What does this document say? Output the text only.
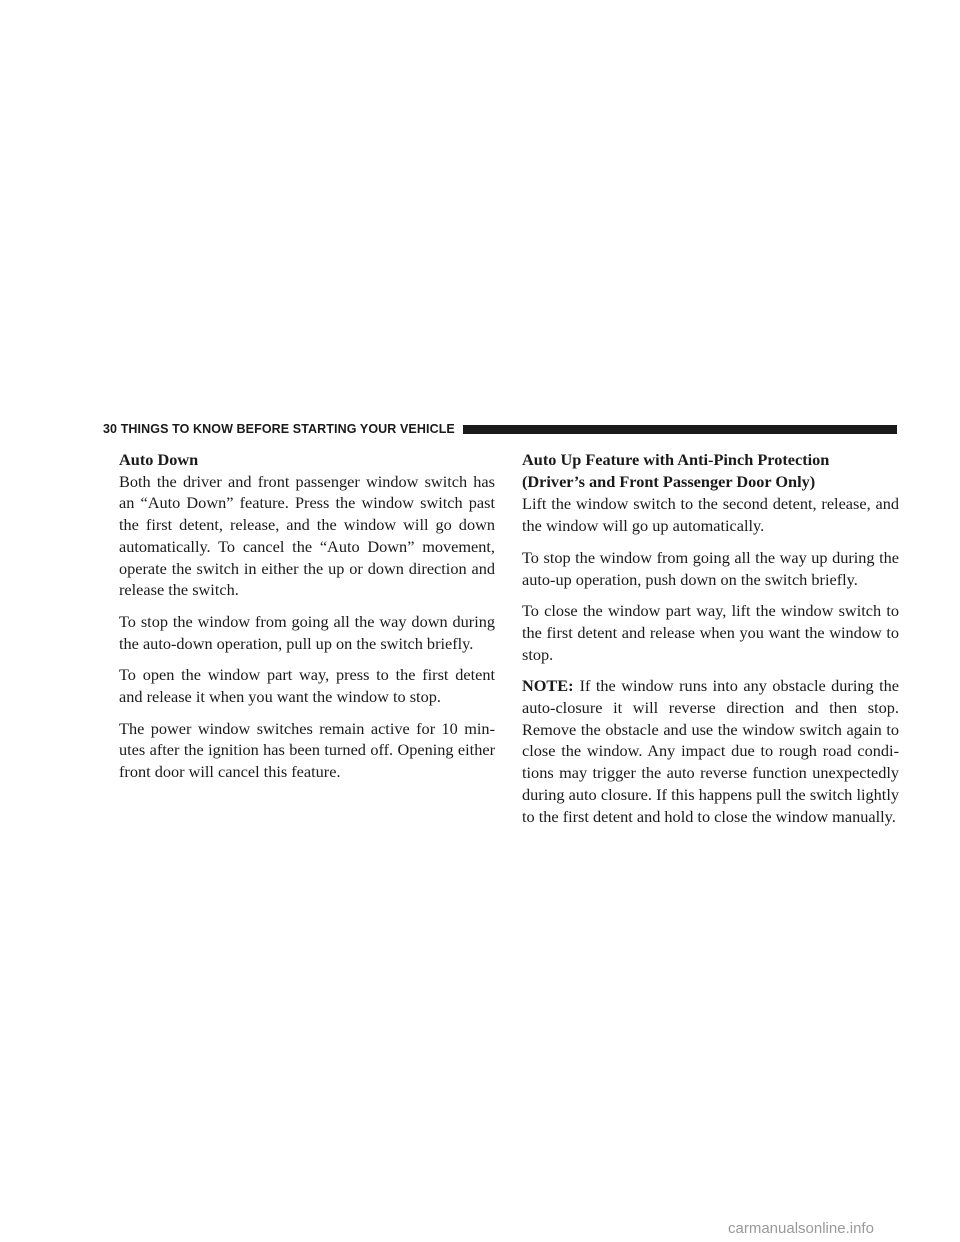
30 THINGS TO KNOW BEFORE STARTING YOUR VEHICLE
Auto Down

Both the driver and front passenger window switch has an “Auto Down” feature. Press the window switch past the first detent, release, and the window will go down automatically. To cancel the “Auto Down” movement, operate the switch in either the up or down direction and release the switch.

To stop the window from going all the way down during the auto-down operation, pull up on the switch briefly.

To open the window part way, press to the first detent and release it when you want the window to stop.

The power window switches remain active for 10 min- utes after the ignition has been turned off. Opening either front door will cancel this feature.

Auto Up Feature with Anti-Pinch Protection
(Driver’s and Front Passenger Door Only)

Lift the window switch to the second detent, release, and the window will go up automatically.

To stop the window from going all the way up during the auto-up operation, push down on the switch briefly.

To close the window part way, lift the window switch to the first detent and release when you want the window to stop.

NOTE: If the window runs into any obstacle during the auto-closure it will reverse direction and then stop. Remove the obstacle and use the window switch again to close the window. Any impact due to rough road condi- tions may trigger the auto reverse function unexpectedly during auto closure. If this happens pull the switch lightly to the first detent and hold to close the window manually.

carmanualsonline.info
